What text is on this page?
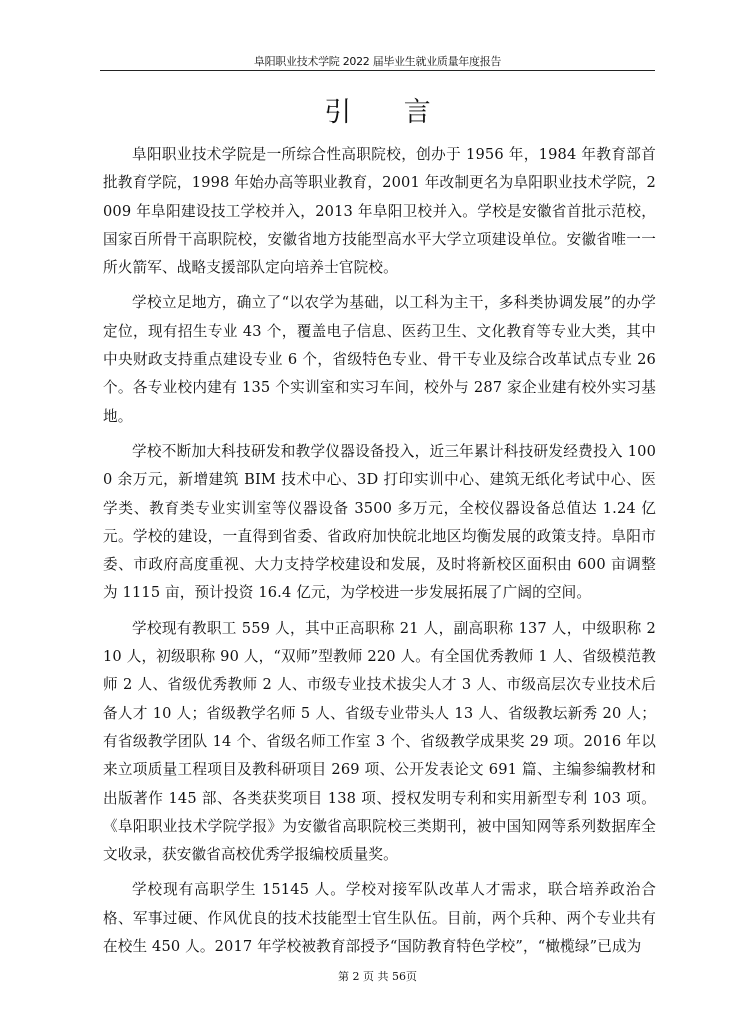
阜阳职业技术学院 2022 届毕业生就业质量年度报告
引 言

阜阳职业技术学院是一所综合性高职院校，创办于 1956 年，1984 年教育部首批教育学院，1998 年始办高等职业教育，2001 年改制更名为阜阳职业技术学院，2009 年阜阳建设技工学校并入，2013 年阜阳卫校并入。学校是安徽省首批示范校，国家百所骨干高职院校，安徽省地方技能型高水平大学立项建设单位。安徽省唯一一所火箭军、战略支援部队定向培养士官院校。

学校立足地方，确立了“以农学为基础，以工科为主干，多科类协调发展”的办学定位，现有招生专业 43 个，覆盖电子信息、医药卫生、文化教育等专业大类，其中中央财政支持重点建设专业 6 个，省级特色专业、骨干专业及综合改革试点专业 26 个。各专业校内建有 135 个实训室和实习车间，校外与 287 家企业建有校外实习基地。

学校不断加大科技研发和教学仪器设备投入，近三年累计科技研发经费投入 1000 余万元，新增建筑 BIM 技术中心、3D 打印实训中心、建筑无纸化考试中心、医学类、教育类专业实训室等仪器设备 3500 多万元，全校仪器设备总值达 1.24 亿元。学校的建设，一直得到省委、省政府加快皖北地区均衡发展的政策支持。阜阳市委、市政府高度重视、大力支持学校建设和发展，及时将新校区面积由 600 亩调整为 1115 亩，预计投资 16.4 亿元，为学校进一步发展拓展了广阔的空间。

学校现有教职工 559 人，其中正高职称 21 人，副高职称 137 人，中级职称 210 人，初级职称 90 人，“双师”型教师 220 人。有全国优秀教师 1 人、省级模范教师 2 人、省级优秀教师 2 人、市级专业技术拔尖人才 3 人、市级高层次专业技术后备人才 10 人；省级教学名师 5 人、省级专业带头人 13 人、省级教坛新秀 20 人；有省级教学团队 14 个、省级名师工作室 3 个、省级教学成果奖 29 项。2016 年以来立项质量工程项目及教科研项目 269 项、公开发表论文 691 篇、主编参编教材和出版著作 145 部、各类获奖项目 138 项、授权发明专利和实用新型专利 103 项。《阜阳职业技术学院学报》为安徽省高职院校三类期刊，被中国知网等系列数据库全文收录，获安徽省高校优秀学报编校质量奖。

学校现有高职学生 15145 人。学校对接军队改革人才需求，联合培养政治合格、军事过硬、作风优良的技术技能型士官生队伍。目前，两个兵种、两个专业共有在校生 450 人。2017 年学校被教育部授予“国防教育特色学校”，“橄榄绿”已成为

第 2 页 共 56页
